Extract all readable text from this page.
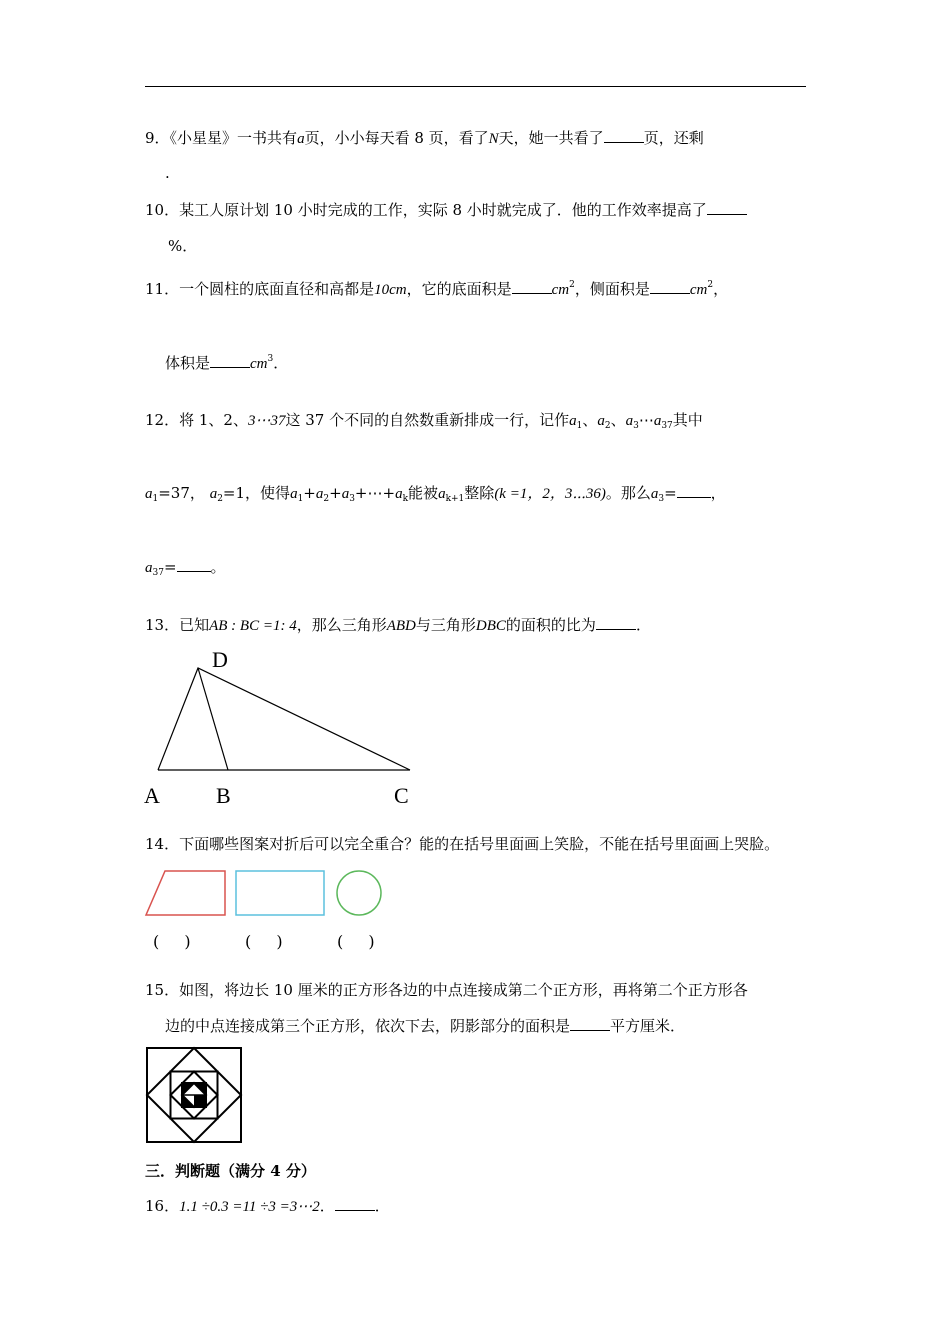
9．《小星星》一书共有a页，小小每天看 8 页，看了N天，她一共看了	页，还剩
.
10．某工人原计划 10 小时完成的工作，实际 8 小时就完成了．他的工作效率提高了
%．
11．一个圆柱的底面直径和高都是10cm，它的底面积是	$cm^2$，侧面积是	$cm^2$，
体积是	$cm^3$．
12．将 1、2、3⋯37这 37 个不同的自然数重新排成一行，记作$a_1$、$a_2$、$a_3\cdots a_{37}$其中
$a_1=37$， $a_2=1$，使得$a_1+a_2+a_3+\cdots+a_k$能被$a_{k+1}$整除(k =1，2，3⋯36)。那么$a_3=$ ，
$a_{37}=$ 。
13．已知AB : BC =1: 4，那么三角形ABD与三角形DBC的面积的比为	．
D
A	B	C
14．下面哪些图案对折后可以完全重合？能的在括号里面画上笑脸，不能在括号里面画上哭脸。
( )	( )	( )
15．如图，将边长 10 厘米的正方形各边的中点连接成第二个正方形，再将第二个正方形各
边的中点连接成第三个正方形，依次下去，阴影部分的面积是	平方厘米．
三．判断题（满分 4 分）
16．1.1 ÷0.3 =11 ÷3 =3⋯2．	．
